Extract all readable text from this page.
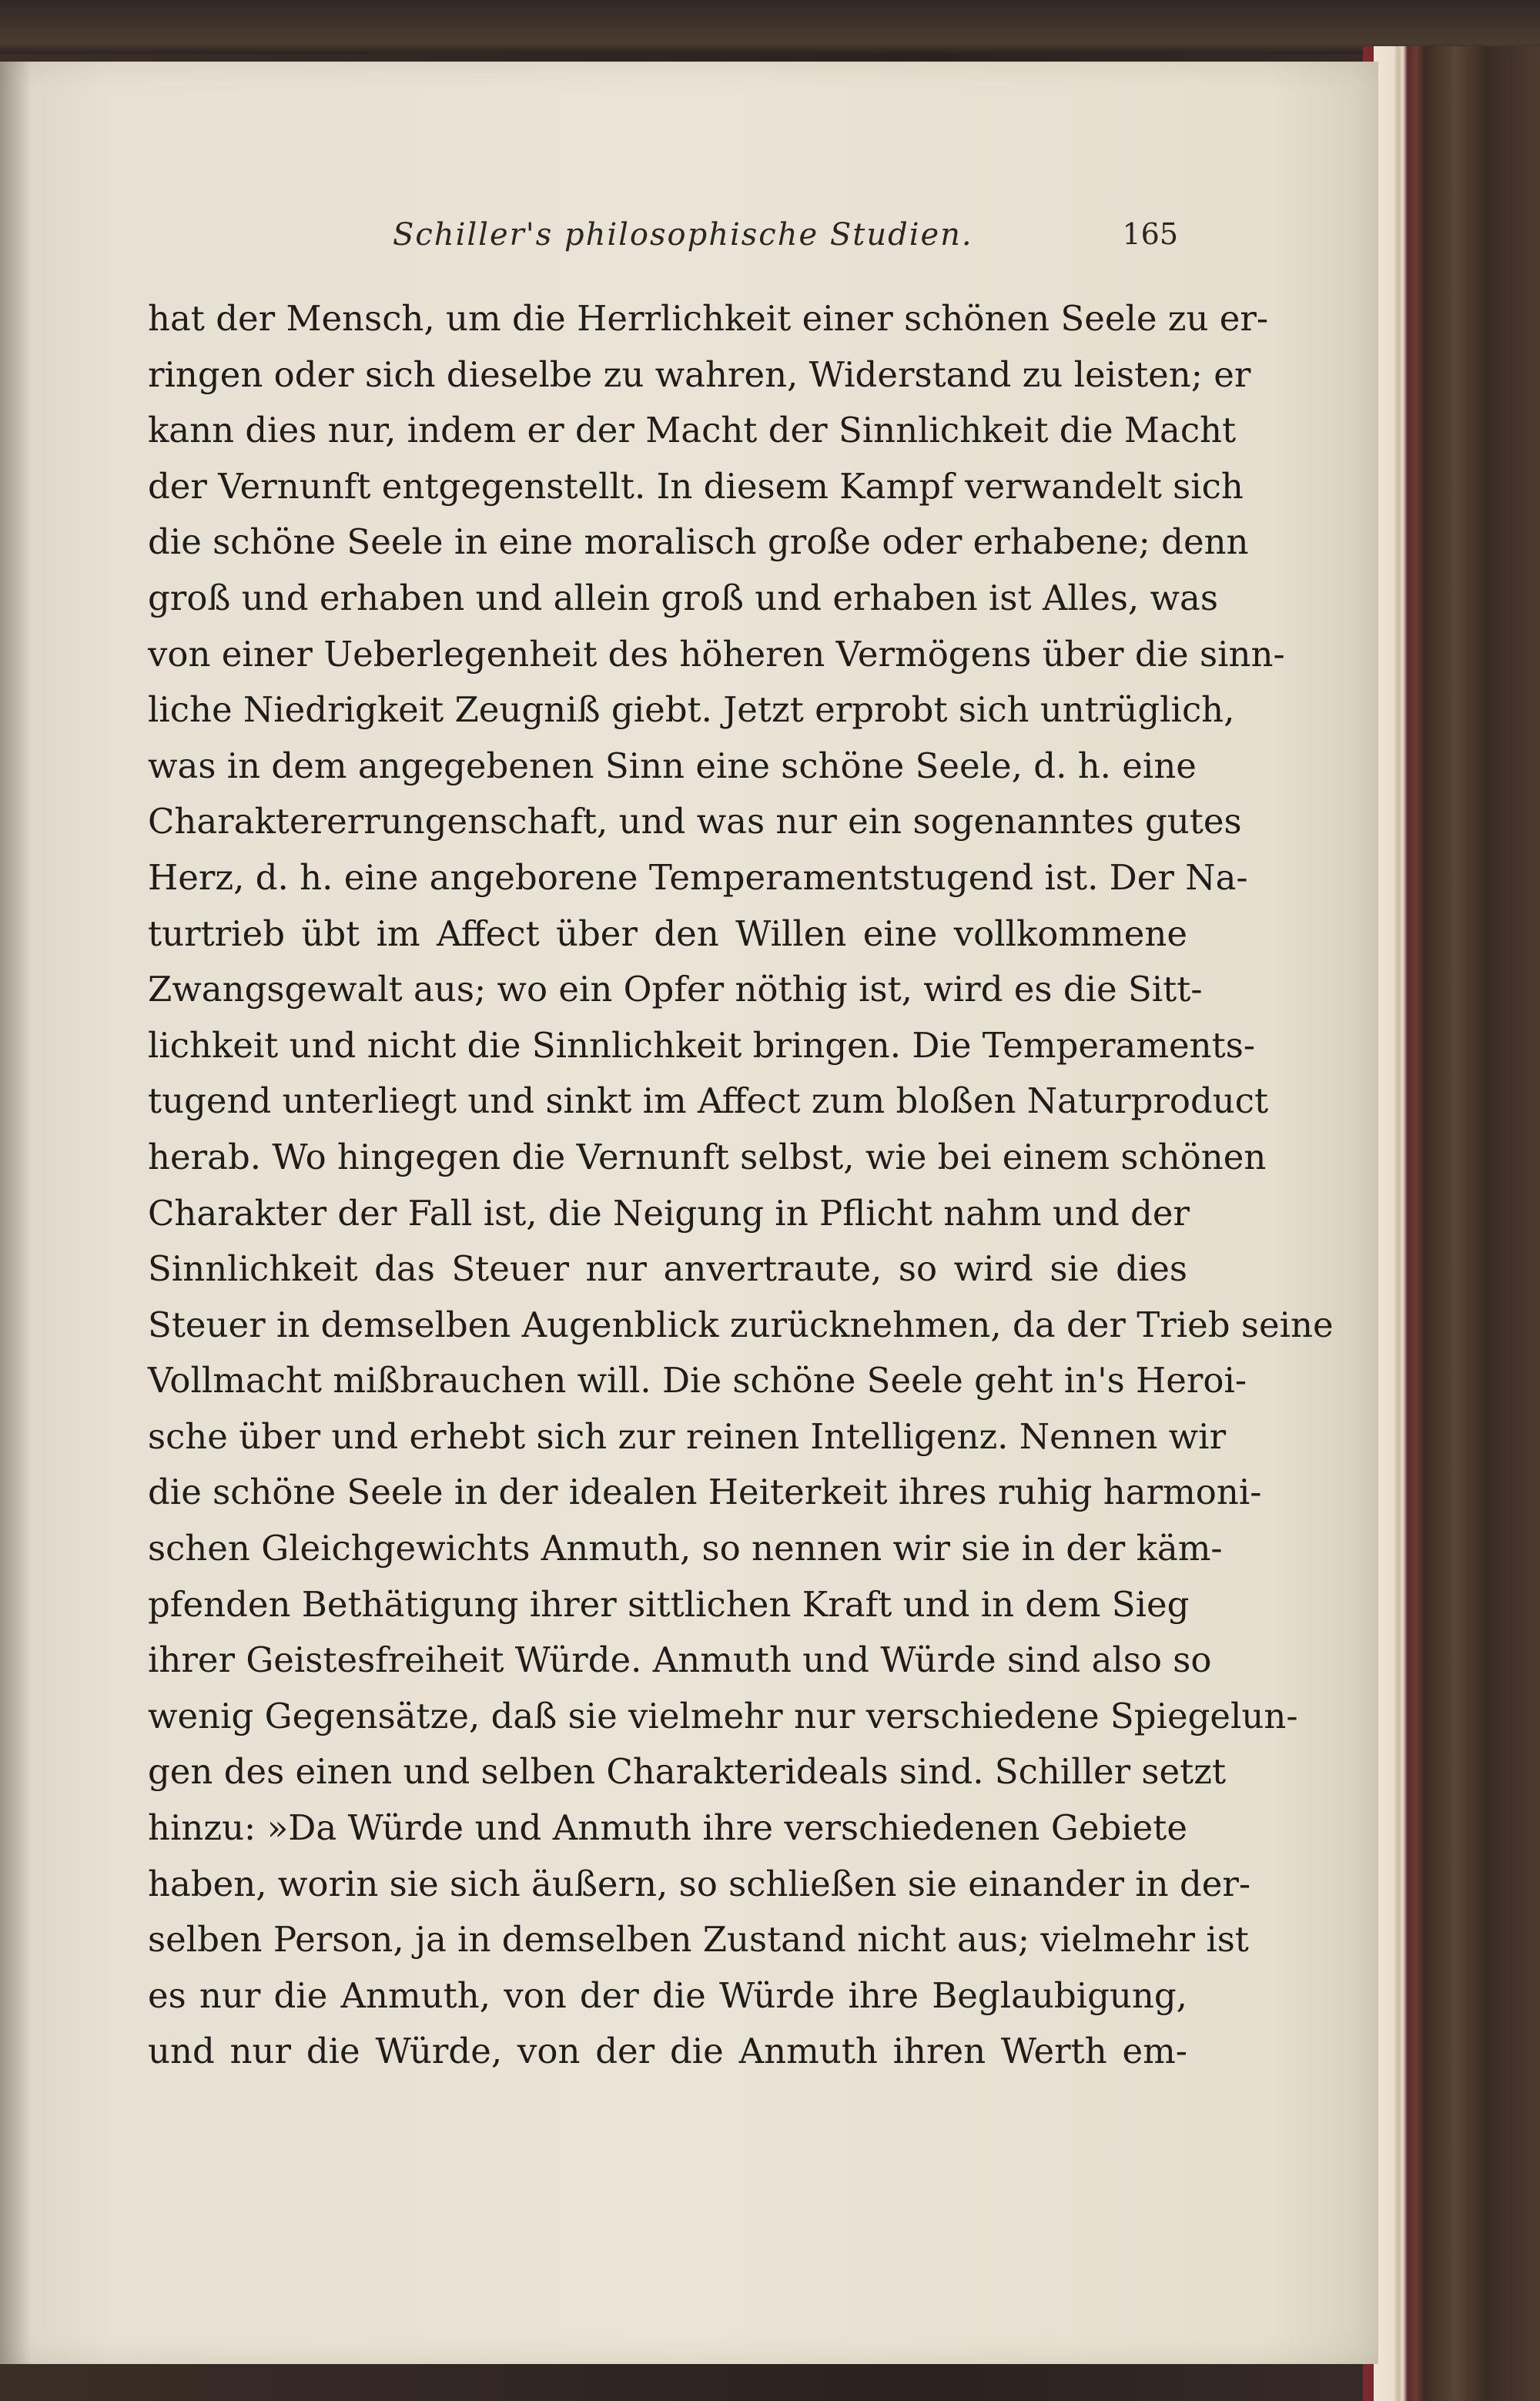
Schiller's philosophische Studien.	165
hat der Mensch, um die Herrlichkeit einer schönen Seele zu er-
ringen oder sich dieselbe zu wahren, Widerstand zu leisten; er
kann dies nur, indem er der Macht der Sinnlichkeit die Macht
der Vernunft entgegenstellt. In diesem Kampf verwandelt sich
die schöne Seele in eine moralisch große oder erhabene; denn
groß und erhaben und allein groß und erhaben ist Alles, was
von einer Ueberlegenheit des höheren Vermögens über die sinn-
liche Niedrigkeit Zeugniß giebt. Jetzt erprobt sich untrüglich,
was in dem angegebenen Sinn eine schöne Seele, d. h. eine
Charaktererrungenschaft, und was nur ein sogenanntes gutes
Herz, d. h. eine angeborene Temperamentstugend ist. Der Na-
turtrieb übt im Affect über den Willen eine vollkommene
Zwangsgewalt aus; wo ein Opfer nöthig ist, wird es die Sitt-
lichkeit und nicht die Sinnlichkeit bringen. Die Temperaments-
tugend unterliegt und sinkt im Affect zum bloßen Naturproduct
herab. Wo hingegen die Vernunft selbst, wie bei einem schönen
Charakter der Fall ist, die Neigung in Pflicht nahm und der
Sinnlichkeit das Steuer nur anvertraute, so wird sie dies
Steuer in demselben Augenblick zurücknehmen, da der Trieb seine
Vollmacht mißbrauchen will. Die schöne Seele geht in's Heroi-
sche über und erhebt sich zur reinen Intelligenz. Nennen wir
die schöne Seele in der idealen Heiterkeit ihres ruhig harmoni-
schen Gleichgewichts Anmuth, so nennen wir sie in der käm-
pfenden Bethätigung ihrer sittlichen Kraft und in dem Sieg
ihrer Geistesfreiheit Würde. Anmuth und Würde sind also so
wenig Gegensätze, daß sie vielmehr nur verschiedene Spiegelun-
gen des einen und selben Charakterideals sind. Schiller setzt
hinzu: »Da Würde und Anmuth ihre verschiedenen Gebiete
haben, worin sie sich äußern, so schließen sie einander in der-
selben Person, ja in demselben Zustand nicht aus; vielmehr ist
es nur die Anmuth, von der die Würde ihre Beglaubigung,
und nur die Würde, von der die Anmuth ihren Werth em-
